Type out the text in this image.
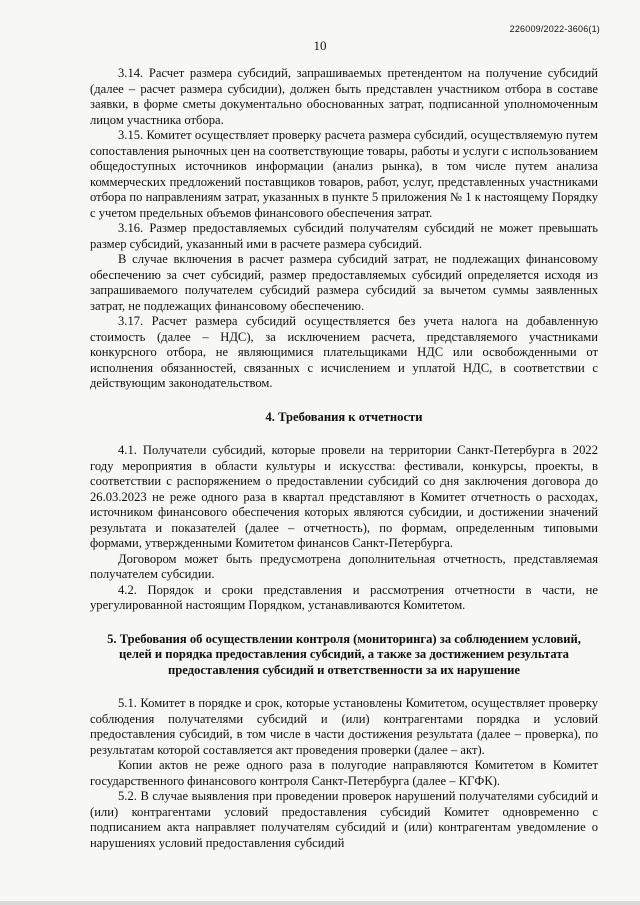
226009/2022-3606(1)
10

3.14. Расчет размера субсидий, запрашиваемых претендентом на получение субсидий (далее – расчет размера субсидии), должен быть представлен участником отбора в составе заявки, в форме сметы документально обоснованных затрат, подписанной уполномоченным лицом участника отбора.

3.15. Комитет осуществляет проверку расчета размера субсидий, осуществляемую путем сопоставления рыночных цен на соответствующие товары, работы и услуги с использованием общедоступных источников информации (анализ рынка), в том числе путем анализа коммерческих предложений поставщиков товаров, работ, услуг, представленных участниками отбора по направлениям затрат, указанных в пункте 5 приложения № 1 к настоящему Порядку с учетом предельных объемов финансового обеспечения затрат.

3.16. Размер предоставляемых субсидий получателям субсидий не может превышать размер субсидий, указанный ими в расчете размера субсидий.

В случае включения в расчет размера субсидий затрат, не подлежащих финансовому обеспечению за счет субсидий, размер предоставляемых субсидий определяется исходя из запрашиваемого получателем субсидий размера субсидий за вычетом суммы заявленных затрат, не подлежащих финансовому обеспечению.

3.17. Расчет размера субсидий осуществляется без учета налога на добавленную стоимость (далее – НДС), за исключением расчета, представляемого участниками конкурсного отбора, не являющимися плательщиками НДС или освобожденными от исполнения обязанностей, связанных с исчислением и уплатой НДС, в соответствии с действующим законодательством.

4. Требования к отчетности

4.1. Получатели субсидий, которые провели на территории Санкт-Петербурга в 2022 году мероприятия в области культуры и искусства: фестивали, конкурсы, проекты, в соответствии с распоряжением о предоставлении субсидий со дня заключения договора до 26.03.2023 не реже одного раза в квартал представляют в Комитет отчетность о расходах, источником финансового обеспечения которых являются субсидии, и достижении значений результата и показателей (далее – отчетность), по формам, определенным типовыми формами, утвержденными Комитетом финансов Санкт-Петербурга.

Договором может быть предусмотрена дополнительная отчетность, представляемая получателем субсидии.

4.2. Порядок и сроки представления и рассмотрения отчетности в части, не урегулированной настоящим Порядком, устанавливаются Комитетом.

5. Требования об осуществлении контроля (мониторинга) за соблюдением условий, целей и порядка предоставления субсидий, а также за достижением результата предоставления субсидий и ответственности за их нарушение

5.1. Комитет в порядке и срок, которые установлены Комитетом, осуществляет проверку соблюдения получателями субсидий и (или) контрагентами порядка и условий предоставления субсидий, в том числе в части достижения результата (далее – проверка), по результатам которой составляется акт проведения проверки (далее – акт).

Копии актов не реже одного раза в полугодие направляются Комитетом в Комитет государственного финансового контроля Санкт-Петербурга (далее – КГФК).

5.2. В случае выявления при проведении проверок нарушений получателями субсидий и (или) контрагентами условий предоставления субсидий Комитет одновременно с подписанием акта направляет получателям субсидий и (или) контрагентам уведомление о нарушениях условий предоставления субсидий
